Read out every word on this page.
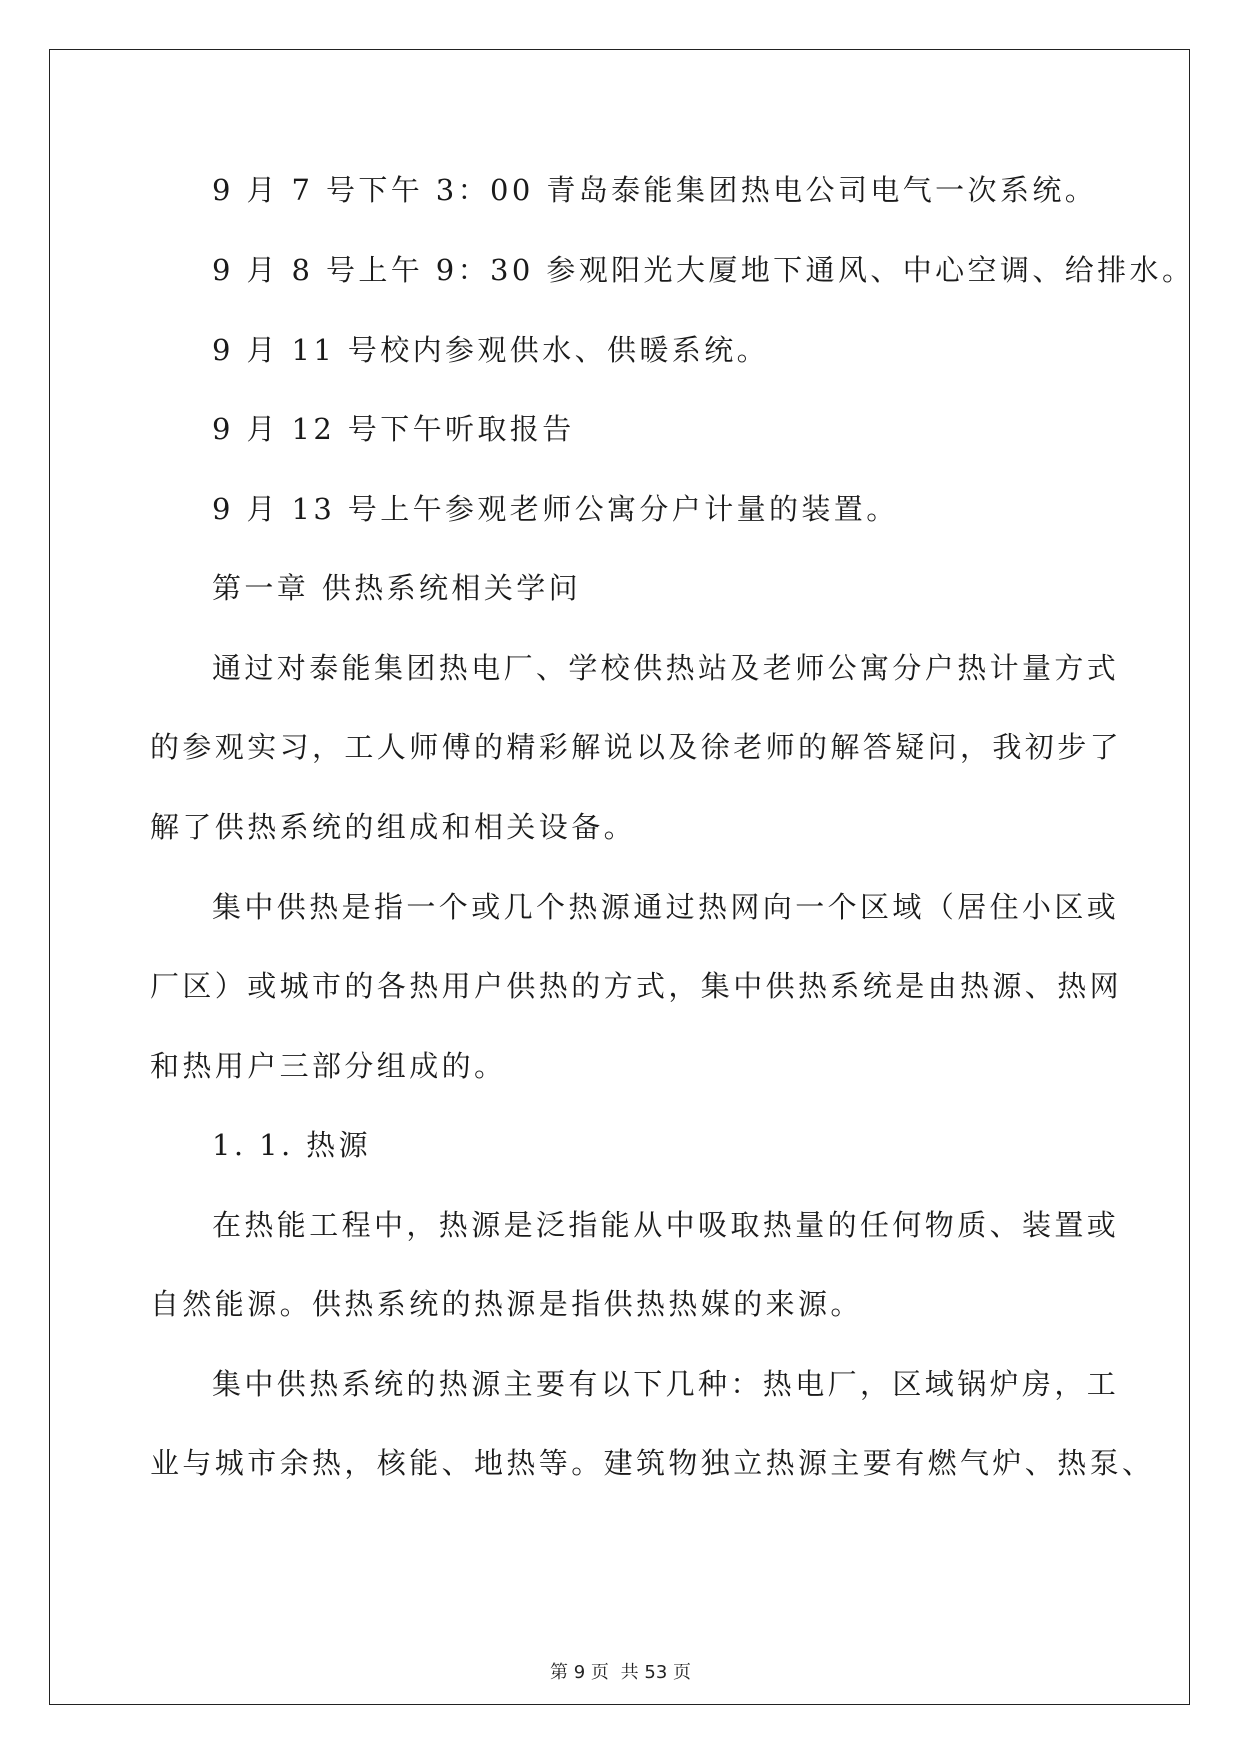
9 月 7 号下午 3：00 青岛泰能集团热电公司电气一次系统。
9 月 8 号上午 9：30 参观阳光大厦地下通风、中心空调、给排水。
9 月 11 号校内参观供水、供暖系统。
9 月 12 号下午听取报告
9 月 13 号上午参观老师公寓分户计量的装置。
第一章 供热系统相关学问
通过对泰能集团热电厂、学校供热站及老师公寓分户热计量方式
的参观实习，工人师傅的精彩解说以及徐老师的解答疑问，我初步了
解了供热系统的组成和相关设备。
集中供热是指一个或几个热源通过热网向一个区域（居住小区或
厂区）或城市的各热用户供热的方式，集中供热系统是由热源、热网
和热用户三部分组成的。
1. 1. 热源
在热能工程中，热源是泛指能从中吸取热量的任何物质、装置或
自然能源。供热系统的热源是指供热热媒的来源。
集中供热系统的热源主要有以下几种：热电厂，区域锅炉房，工
业与城市余热，核能、地热等。建筑物独立热源主要有燃气炉、热泵、
第 9 页 共 53 页
